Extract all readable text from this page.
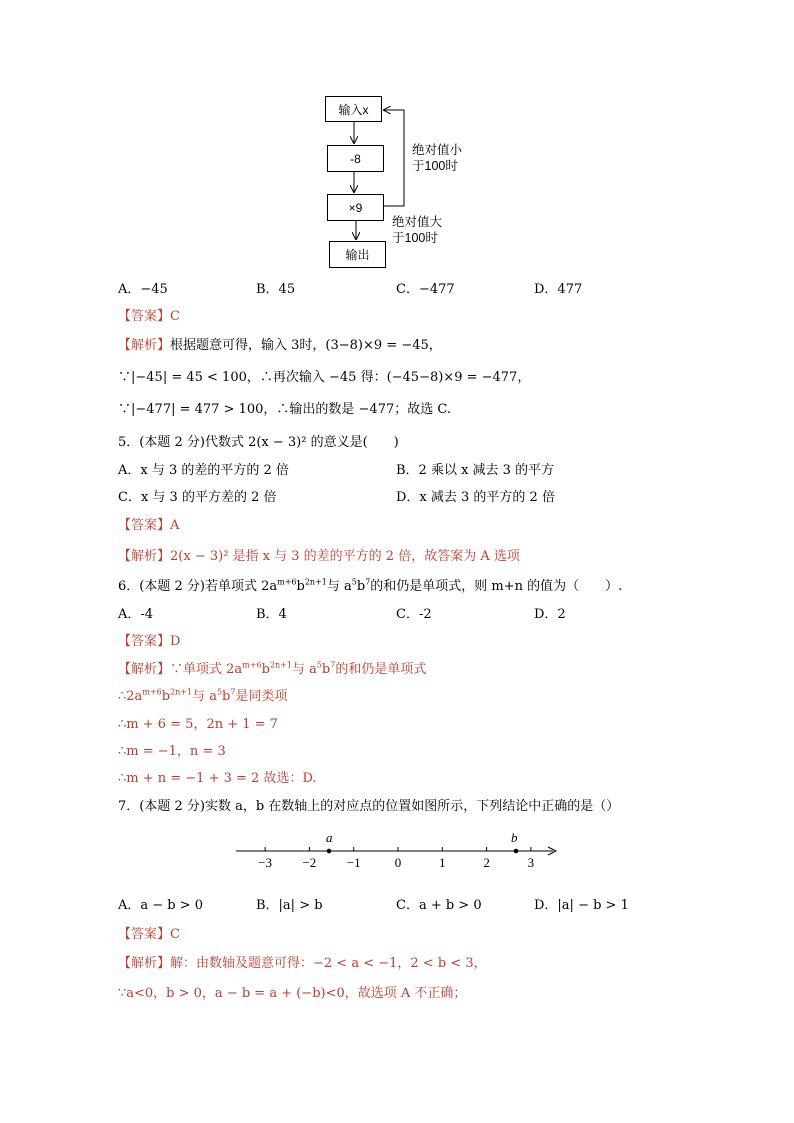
输入x
-8
×9
输出
绝对值小
于100时
绝对值大
于100时
A．−45	B．45	C．−477	D．477
【答案】C
【解析】根据题意可得，输入 3时，(3−8)×9 = −45，
∵|−45| = 45 < 100，∴再次输入 −45 得：(−45−8)×9 = −477，
∵|−477| = 477 > 100，∴输出的数是 −477；故选 C.
5．(本题 2 分)代数式 2(x − 3)² 的意义是(　　)
A．x 与 3 的差的平方的 2 倍	B．2 乘以 x 减去 3 的平方
C．x 与 3 的平方差的 2 倍	D．x 减去 3 的平方的 2 倍
【答案】A
【解析】2(x − 3)² 是指 x 与 3 的差的平方的 2 倍，故答案为 A 选项
6．(本题 2 分)若单项式 $2a^{m+6}b^{2n+1}$与 $a^5b^7$的和仍是单项式，则 m+n 的值为（　　）.
A．-4	B．4	C．-2	D．2
【答案】D
【解析】∵单项式 $2a^{m+6}b^{2n+1}$与 $a^5b^7$的和仍是单项式
$\therefore 2a^{m+6}b^{2n+1}$与 $a^5b^7$是同类项
∴m + 6 = 5，2n + 1 = 7
∴m = −1，n = 3
∴m + n = −1 + 3 = 2 故选：D.
7．(本题 2 分)实数 a，b 在数轴上的对应点的位置如图所示，下列结论中正确的是（）
−3 −2 −1	0	1	2	3
a	b
A．a − b > 0	B．|a| > b	C．a + b > 0	D．|a| − b > 1
【答案】C
【解析】解：由数轴及题意可得：−2 < a < −1，2 < b < 3，
∵a<0，b > 0，a − b = a + (−b)<0，故选项 A 不正确；
